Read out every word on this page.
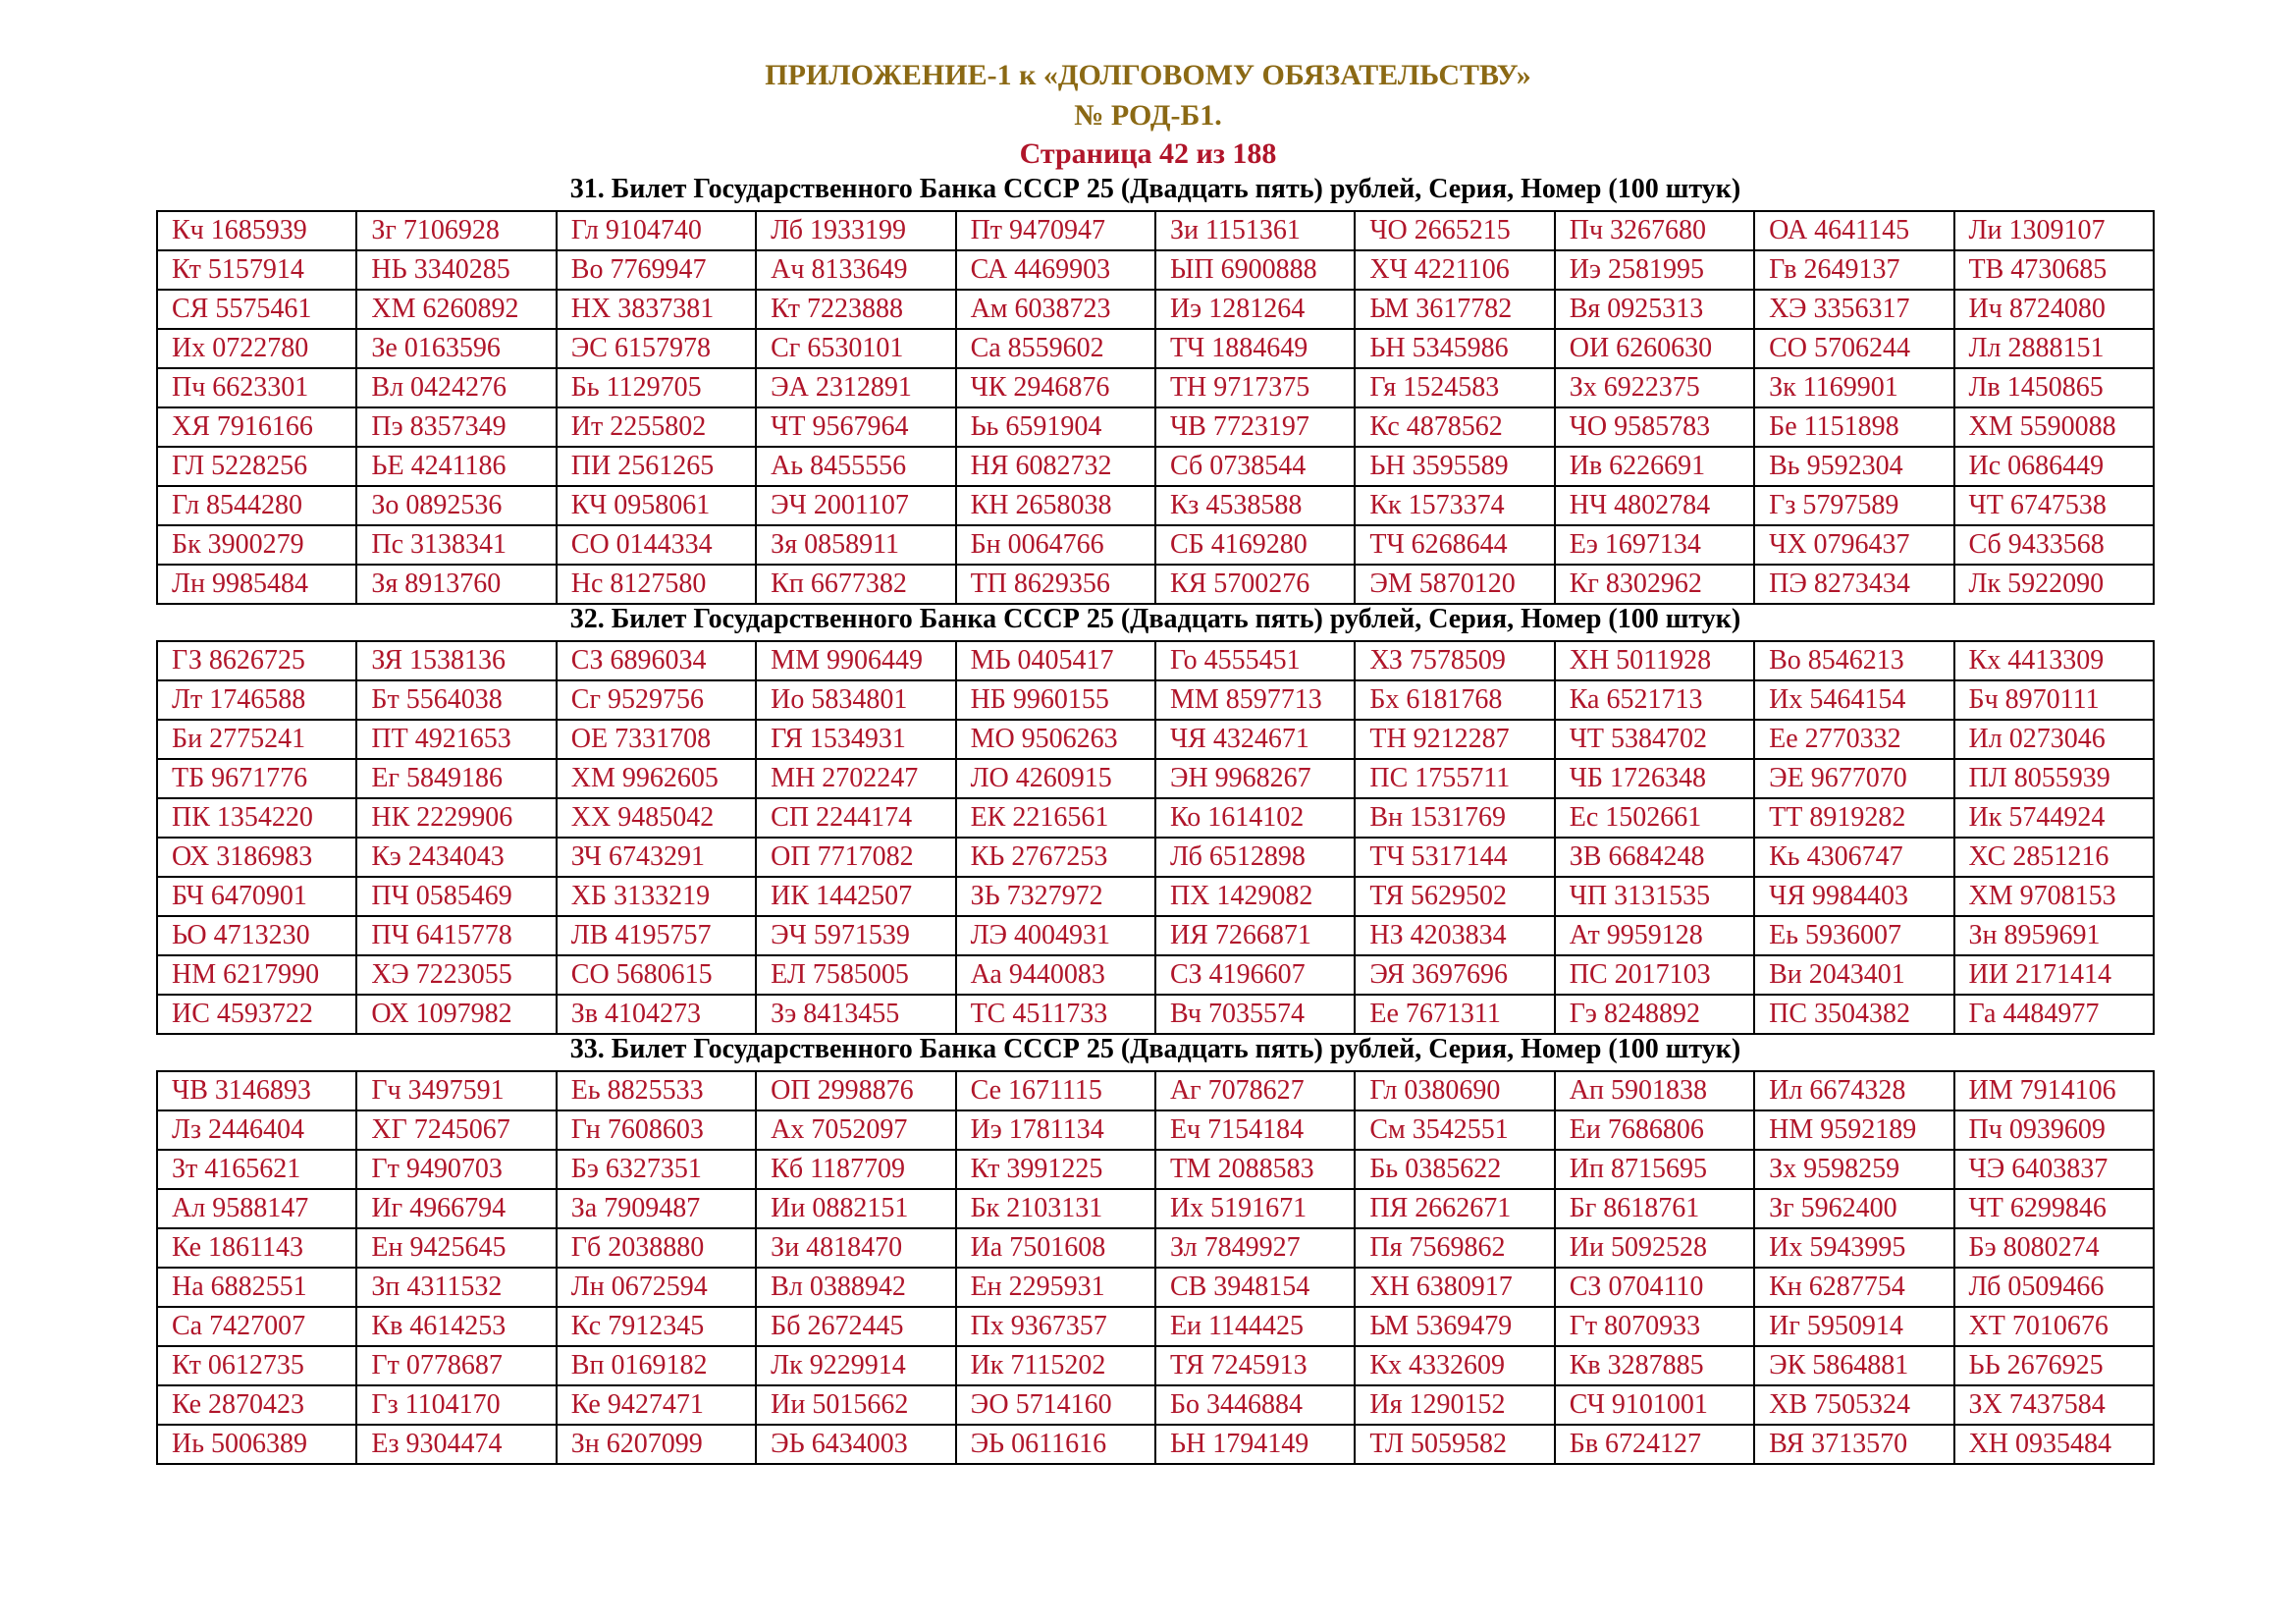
ПРИЛОЖЕНИЕ-1 к «ДОЛГОВОМУ ОБЯЗАТЕЛЬСТВУ»
№ РОД-Б1.
Страница 42 из 188
31. Билет Государственного Банка СССР 25 (Двадцать пять) рублей, Серия, Номер (100 штук)
Кч 1685939	Зг 7106928	Гл 9104740	Лб 1933199	Пт 9470947	Зи 1151361	ЧО 2665215	Пч 3267680	ОА 4641145	Ли 1309107
Кт 5157914	НЬ 3340285	Во 7769947	Ач 8133649	СА 4469903	ЫП 6900888	ХЧ 4221106	Иэ 2581995	Гв 2649137	ТВ 4730685
СЯ 5575461	ХМ 6260892	НХ 3837381	Кт 7223888	Ам 6038723	Иэ 1281264	ЬМ 3617782	Вя 0925313	ХЭ 3356317	Ич 8724080
Их 0722780	Зе 0163596	ЭС 6157978	Сг 6530101	Са 8559602	ТЧ 1884649	ЬН 5345986	ОИ 6260630	СО 5706244	Лл 2888151
Пч 6623301	Вл 0424276	Бь 1129705	ЭА 2312891	ЧК 2946876	ТН 9717375	Гя 1524583	Зх 6922375	Зк 1169901	Лв 1450865
ХЯ 7916166	Пэ 8357349	Ит 2255802	ЧТ 9567964	Ьь 6591904	ЧВ 7723197	Кс 4878562	ЧО 9585783	Бе 1151898	ХМ 5590088
ГЛ 5228256	ЬЕ 4241186	ПИ 2561265	Аь 8455556	НЯ 6082732	Сб 0738544	ЬН 3595589	Ив 6226691	Вь 9592304	Ис 0686449
Гл 8544280	Зо 0892536	КЧ 0958061	ЭЧ 2001107	КН 2658038	Кз 4538588	Кк 1573374	НЧ 4802784	Гз 5797589	ЧТ 6747538
Бк 3900279	Пс 3138341	СО 0144334	Зя 0858911	Бн 0064766	СБ 4169280	ТЧ 6268644	Еэ 1697134	ЧХ 0796437	Сб 9433568
Лн 9985484	Зя 8913760	Нс 8127580	Кп 6677382	ТП 8629356	КЯ 5700276	ЭМ 5870120	Кг 8302962	ПЭ 8273434	Лк 5922090
32. Билет Государственного Банка СССР 25 (Двадцать пять) рублей, Серия, Номер (100 штук)
ГЗ 8626725	ЗЯ 1538136	СЗ 6896034	ММ 9906449	МЬ 0405417	Го 4555451	ХЗ 7578509	ХН 5011928	Во 8546213	Кх 4413309
Лт 1746588	Бт 5564038	Сг 9529756	Ио 5834801	НБ 9960155	ММ 8597713	Бх 6181768	Ка 6521713	Их 5464154	Бч 8970111
Би 2775241	ПТ 4921653	ОЕ 7331708	ГЯ 1534931	МО 9506263	ЧЯ 4324671	ТН 9212287	ЧТ 5384702	Ее 2770332	Ил 0273046
ТБ 9671776	Ег 5849186	ХМ 9962605	МН 2702247	ЛО 4260915	ЭН 9968267	ПС 1755711	ЧБ 1726348	ЭЕ 9677070	ПЛ 8055939
ПК 1354220	НК 2229906	ХХ 9485042	СП 2244174	ЕК 2216561	Ко 1614102	Вн 1531769	Ес 1502661	ТТ 8919282	Ик 5744924
ОХ 3186983	Кэ 2434043	ЗЧ 6743291	ОП 7717082	КЬ 2767253	Лб 6512898	ТЧ 5317144	ЗВ 6684248	Кь 4306747	ХС 2851216
БЧ 6470901	ПЧ 0585469	ХБ 3133219	ИК 1442507	ЗЬ 7327972	ПХ 1429082	ТЯ 5629502	ЧП 3131535	ЧЯ 9984403	ХМ 9708153
ЬО 4713230	ПЧ 6415778	ЛВ 4195757	ЭЧ 5971539	ЛЭ 4004931	ИЯ 7266871	НЗ 4203834	Ат 9959128	Еь 5936007	Зн 8959691
НМ 6217990	ХЭ 7223055	СО 5680615	ЕЛ 7585005	Аа 9440083	СЗ 4196607	ЭЯ 3697696	ПС 2017103	Ви 2043401	ИИ 2171414
ИС 4593722	ОХ 1097982	Зв 4104273	Зэ 8413455	ТС 4511733	Вч 7035574	Ее 7671311	Гэ 8248892	ПС 3504382	Га 4484977
33. Билет Государственного Банка СССР 25 (Двадцать пять) рублей, Серия, Номер (100 штук)
ЧВ 3146893	Гч 3497591	Еь 8825533	ОП 2998876	Се 1671115	Аг 7078627	Гл 0380690	Ап 5901838	Ил 6674328	ИМ 7914106
Лз 2446404	ХГ 7245067	Гн 7608603	Ах 7052097	Иэ 1781134	Еч 7154184	См 3542551	Еи 7686806	НМ 9592189	Пч 0939609
Зт 4165621	Гт 9490703	Бэ 6327351	Кб 1187709	Кт 3991225	ТМ 2088583	Бь 0385622	Ип 8715695	Зх 9598259	ЧЭ 6403837
Ал 9588147	Иг 4966794	За 7909487	Ии 0882151	Бк 2103131	Их 5191671	ПЯ 2662671	Бг 8618761	Зг 5962400	ЧТ 6299846
Ке 1861143	Ен 9425645	Гб 2038880	Зи 4818470	Иа 7501608	Зл 7849927	Пя 7569862	Ии 5092528	Их 5943995	Бэ 8080274
На 6882551	Зп 4311532	Лн 0672594	Вл 0388942	Ен 2295931	СВ 3948154	ХН 6380917	СЗ 0704110	Кн 6287754	Лб 0509466
Са 7427007	Кв 4614253	Кс 7912345	Бб 2672445	Пх 9367357	Еи 1144425	ЬМ 5369479	Гт 8070933	Иг 5950914	ХТ 7010676
Кт 0612735	Гт 0778687	Вп 0169182	Лк 9229914	Ик 7115202	ТЯ 7245913	Кх 4332609	Кв 3287885	ЭК 5864881	ЬЬ 2676925
Ке 2870423	Гз 1104170	Ке 9427471	Ии 5015662	ЭО 5714160	Бо 3446884	Ия 1290152	СЧ 9101001	ХВ 7505324	ЗХ 7437584
Иь 5006389	Ез 9304474	Зн 6207099	ЭЬ 6434003	ЭЬ 0611616	ЬН 1794149	ТЛ 5059582	Бв 6724127	ВЯ 3713570	ХН 0935484
